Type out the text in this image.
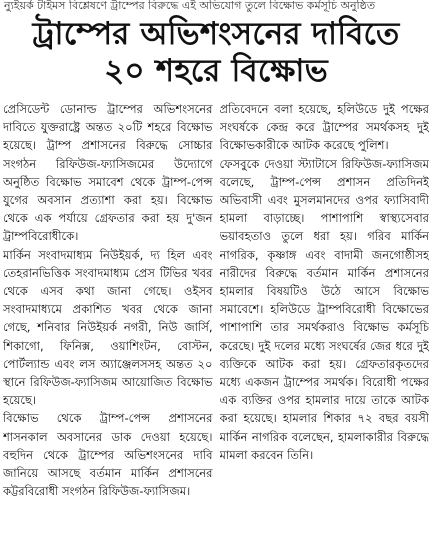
ন্যুইয়র্ক টাইমস বিশ্লেষণে ট্রাম্পের বিরুদ্ধে এই অভিযোগ তুলে বিক্ষোভ কর্মসূচি অনুষ্ঠিত
ট্রাম্পের অভিশংসনের দাবিতে
২০ শহরে বিক্ষোভ

প্রেসিডেন্ট ডোনাল্ড ট্রাম্পের অভিশংসনের দাবিতে যুক্তরাষ্ট্রে অন্তত ২০টি শহরে বিক্ষোভ হয়েছে। ট্রাম্প প্রশাসনের বিরুদ্ধে সোচ্চার সংগঠন রিফিউজ-ফ্যাসিজমের উদ্যোগে অনুষ্ঠিত বিক্ষোভ সমাবেশ থেকে ট্রাম্প-পেন্স যুগের অবসান প্রত্যাশা করা হয়। বিক্ষোভ থেকে এক পর্যায়ে গ্রেফতার করা হয় দু'জন ট্রাম্পবিরোধীকে।

মার্কিন সংবাদমাধ্যম নিউইয়র্ক, দ্য হিল এবং তেহরানভিত্তিক সংবাদমাধ্যম প্রেস টিভির খবর থেকে এসব কথা জানা গেছে। ওইসব সংবাদমাধ্যমে প্রকাশিত খবর থেকে জানা গেছে, শনিবার নিউইয়র্ক নগরী, নিউ জার্সি, শিকাগো, ফিনিক্স, ওয়াশিংটন, বোস্টন, পোর্টল্যান্ড এবং লস অ্যাঞ্জেলসসহ অন্তত ২০ স্থানে রিফিউজ-ফ্যাসিজম আয়োজিত বিক্ষোভ হয়েছে।

বিক্ষোভ থেকে ট্রাম্প-পেন্স প্রশাসনের শাসনকাল অবসানের ডাক দেওয়া হয়েছে। বহুদিন থেকে ট্রাম্পের অভিশংসনের দাবি জানিয়ে আসছে বর্তমান মার্কিন প্রশাসনের কট্টরবিরোধী সংগঠন রিফিউজ-ফ্যাসিজম।

প্রতিবেদনে বলা হয়েছে, হলিউডে দুই পক্ষের সংঘর্ষকে কেন্দ্র করে ট্রাম্পের সমর্থকসহ দুই বিক্ষোভকারীকে আটক করেছে পুলিশ।

ফেসবুকে দেওয়া স্ট্যাটাসে রিফিউজ-ফ্যাসিজম বলেছে, ট্রাম্প-পেন্স প্রশাসন প্রতিদিনই অভিবাসী এবং মুসলমানদের ওপর ফ্যাসিবাদী হামলা বাড়াচ্ছে। পাশাপাশি স্বাস্থ্যসেবার ভয়াবহতাও তুলে ধরা হয়। গরিব মার্কিন নাগরিক, কৃষ্ণাঙ্গ এবং বাদামী জনগোষ্ঠীসহ নারীদের বিরুদ্ধে বর্তমান মার্কিন প্রশাসনের হামলার বিষয়টিও উঠে আসে বিক্ষোভ সমাবেশে। হলিউডে ট্রাম্পবিরোধী বিক্ষোভের পাশাপাশি তার সমর্থকরাও বিক্ষোভ কর্মসূচি করেছে। দুই দলের মধ্যে সংঘর্ষের জের ধরে দুই ব্যক্তিকে আটক করা হয়। গ্রেফতারকৃতদের মধ্যে একজন ট্রাম্পের সমর্থক। বিরোধী পক্ষের এক ব্যক্তির ওপর হামলার দায়ে তাকে আটক করা হয়েছে। হামলার শিকার ৭২ বছর বয়সী মার্কিন নাগরিক বলেছেন, হামলাকারীর বিরুদ্ধে মামলা করবেন তিনি।
